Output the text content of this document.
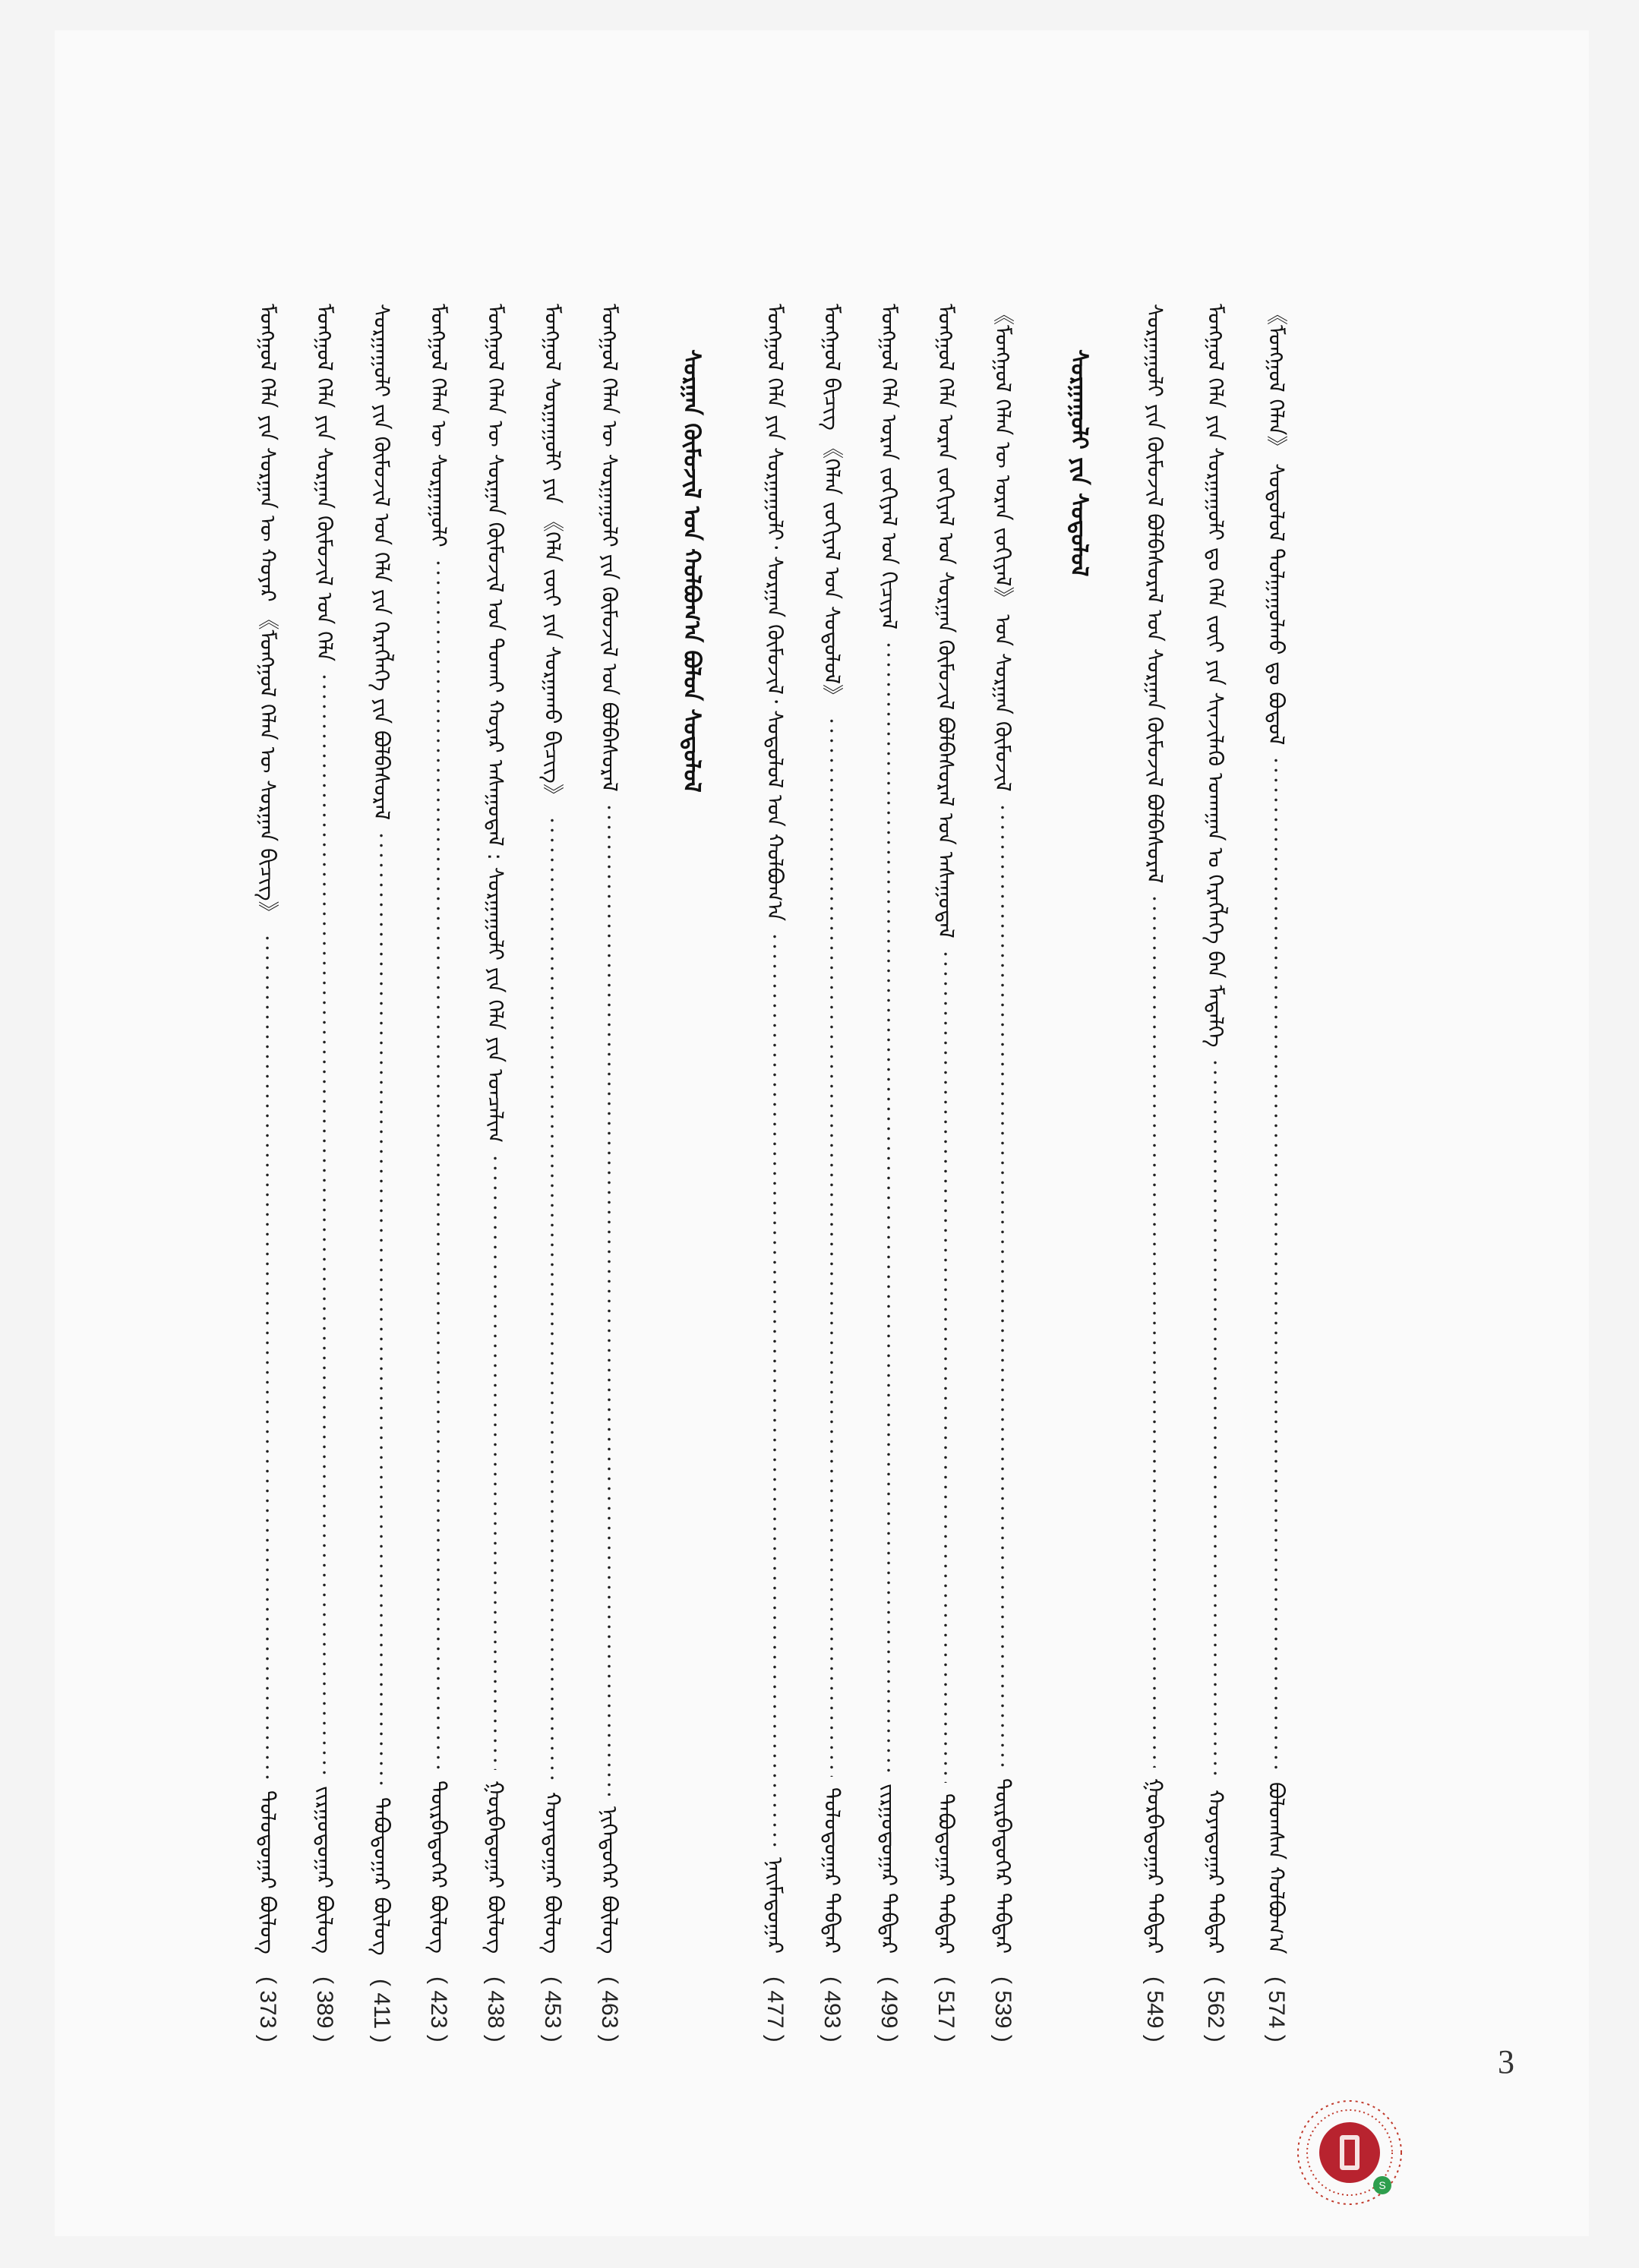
《ᠮᠣᠩᠭᠣᠯ ᠬᠡᠯᠡᠨ》 ᠰᠤᠳᠤᠯᠤᠯ ᠲᠤᠯᠭᠠᠭᠤᠯᠬᠤ ᠳᠤ ᠪᠣᠳᠤᠯ
ᠪᠣᠯᠤᠭᠰᠠᠨ ᠬᠣᠯᠪᠣᠭ᠎ᠠ
( 574 )
ᠮᠣᠩᠭᠣᠯ ᠬᠡᠯᠡ ᠶᠢᠨ ᠰᠤᠷᠭᠠᠭᠤᠯᠢ ᠳᠤ ᠬᠡᠯᠡ ᠵᠦᠢ ᠶᠢᠨ ᠰᠢᠨᠵᠢᠯᠡᠬᠦ ᠤᠬᠠᠭᠠᠨ ᠤ ᠬᠡᠷᠡᠭᠯᠡᠭᠡ ᠪᠠᠨ ᠮᠡᠳᠡᠯᠭᠡ
ᠬᠣᠶᠠᠳᠤᠭᠠᠷ ᠳᠡᠪᠲᠡᠷ
( 562 )
ᠰᠤᠷᠭᠠᠭᠤᠯᠢ ᠶᠢᠨ ᠬᠦᠮᠦᠵᠢᠯ ᠪᠣᠯᠪᠠᠰᠤᠷᠠᠯ ᠤᠨ ᠰᠤᠷᠭᠠᠨ ᠬᠦᠮᠦᠵᠢᠯ ᠪᠣᠯᠪᠠᠰᠤᠷᠠᠯ
ᠭᠤᠷᠪᠠᠳᠤᠭᠠᠷ ᠳᠡᠪᠲᠡᠷ
( 549 )
ᠰᠤᠷᠭᠠᠭᠤᠯᠢ ᠶᠢᠨ ᠰᠤᠳᠤᠯᠤᠯ
《ᠮᠣᠩᠭᠣᠯ ᠬᠡᠯᠡᠨ ᠦ ᠤᠷᠠᠨ ᠵᠣᠬᠢᠶᠠᠯ》 ᠤᠨ ᠰᠤᠷᠭᠠᠨ ᠬᠦᠮᠦᠵᠢᠯ
ᠳᠥᠷᠪᠡᠳᠦᠭᠡᠷ ᠳᠡᠪᠲᠡᠷ
( 539 )
ᠮᠣᠩᠭᠣᠯ ᠬᠡᠯᠡ ᠤᠷᠠᠨ ᠵᠣᠬᠢᠶᠠᠯ ᠤᠨ ᠰᠤᠷᠭᠠᠨ ᠬᠦᠮᠦᠵᠢᠯ ᠪᠣᠯᠪᠠᠰᠤᠷᠠᠯ ᠤᠨ ᠠᠰᠠᠭᠤᠳᠠᠯ
ᠲᠠᠪᠤᠳᠤᠭᠠᠷ ᠳᠡᠪᠲᠡᠷ
( 517 )
ᠮᠣᠩᠭᠣᠯ ᠬᠡᠯᠡ ᠤᠷᠠᠨ ᠵᠣᠬᠢᠶᠠᠯ ᠤᠨ ᠬᠢᠴᠢᠶᠡᠯ
ᠵᠢᠷᠭᠤᠳᠤᠭᠠᠷ ᠳᠡᠪᠲᠡᠷ
( 499 )
ᠮᠣᠩᠭᠣᠯ ᠪᠢᠴᠢᠭ᠌ 《ᠬᠡᠯᠡᠨ ᠵᠣᠬᠢᠶᠠᠯ ᠤᠨ ᠰᠤᠳᠤᠯᠤᠯ》
ᠳᠣᠯᠣᠳᠤᠭᠠᠷ ᠳᠡᠪᠲᠡᠷ
( 493 )
ᠮᠣᠩᠭᠣᠯ ᠬᠡᠯᠡ ᠶᠢᠨ ᠰᠤᠷᠭᠠᠭᠤᠯᠢ᠂ ᠰᠤᠷᠭᠠᠨ ᠬᠦᠮᠦᠵᠢᠯ᠂ ᠰᠤᠳᠤᠯᠤᠯ ᠤᠨ ᠬᠣᠯᠪᠣᠭ᠎ᠠ
ᠨᠠᠢᠮᠠᠳᠤᠭᠠᠷ
( 477 )
ᠰᠤᠷᠭᠠᠨ ᠬᠦᠮᠦᠵᠢᠯ ᠤᠨ ᠬᠣᠯᠪᠣᠭ᠎ᠠ ᠪᠣᠯᠤᠨ ᠰᠤᠳᠤᠯᠤᠯ
ᠮᠣᠩᠭᠣᠯ ᠬᠡᠯᠡᠨ ᠦ ᠰᠤᠷᠭᠠᠭᠤᠯᠢ ᠶᠢᠨ ᠬᠦᠮᠦᠵᠢᠯ ᠤᠨ ᠪᠣᠯᠪᠠᠰᠤᠷᠠᠯ
ᠨᠢᠭᠡᠳᠦᠭᠡᠷ ᠪᠦᠯᠦᠭ
( 463 )
ᠮᠣᠩᠭᠣᠯ ᠰᠤᠷᠭᠠᠭᠤᠯᠢ ᠶᠢᠨ 《ᠬᠡᠯᠡ ᠵᠦᠢ ᠶᠢᠨ ᠰᠤᠷᠭᠠᠬᠤ ᠪᠢᠴᠢᠭ᠌》
ᠬᠣᠶᠠᠳᠤᠭᠠᠷ ᠪᠦᠯᠦᠭ
( 453 )
ᠮᠣᠩᠭᠣᠯ ᠬᠡᠯᠡᠨ ᠦ ᠰᠤᠷᠭᠠᠨ ᠬᠦᠮᠦᠵᠢᠯ ᠤᠨ ᠲᠤᠬᠠᠢ ᠬᠣᠶᠠᠷ ᠠᠰᠠᠭᠤᠳᠠᠯ : ᠰᠤᠷᠭᠠᠭᠤᠯᠢ ᠶᠢᠨ ᠬᠡᠯᠡ ᠶᠢᠨ ᠣᠨᠴᠠᠯᠢᠭ
ᠭᠤᠷᠪᠠᠳᠤᠭᠠᠷ ᠪᠦᠯᠦᠭ
( 438 )
ᠮᠣᠩᠭᠣᠯ ᠬᠡᠯᠡᠨ ᠦ ᠰᠤᠷᠭᠠᠭᠤᠯᠢ
ᠳᠥᠷᠪᠡᠳᠦᠭᠡᠷ ᠪᠦᠯᠦᠭ
( 423 )
ᠰᠤᠷᠭᠠᠭᠤᠯᠢ ᠶᠢᠨ ᠬᠦᠮᠦᠵᠢᠯ ᠤᠨ ᠬᠡᠯᠡ ᠶᠢᠨ ᠬᠡᠷᠡᠭᠯᠡᠭᠡ ᠶᠢᠨ ᠪᠣᠯᠪᠠᠰᠤᠷᠠᠯ
ᠲᠠᠪᠤᠳᠤᠭᠠᠷ ᠪᠦᠯᠦᠭ
( 411 )
ᠮᠣᠩᠭᠣᠯ ᠬᠡᠯᠡ ᠶᠢᠨ ᠰᠤᠷᠭᠠᠨ ᠬᠦᠮᠦᠵᠢᠯ ᠤᠨ ᠬᠡᠯᠡ
ᠵᠢᠷᠭᠤᠳᠤᠭᠠᠷ ᠪᠦᠯᠦᠭ
( 389 )
ᠮᠣᠩᠭᠣᠯ ᠬᠡᠯᠡ ᠶᠢᠨ ᠰᠤᠷᠭᠠᠨ ᠦ ᠬᠣᠶᠠᠷ 《ᠮᠣᠩᠭᠣᠯ ᠬᠡᠯᠡᠨ ᠦ ᠰᠤᠷᠭᠠᠨ ᠪᠢᠴᠢᠭ᠌》
ᠳᠣᠯᠣᠳᠤᠭᠠᠷ ᠪᠦᠯᠦᠭ
( 373 )
3
S
